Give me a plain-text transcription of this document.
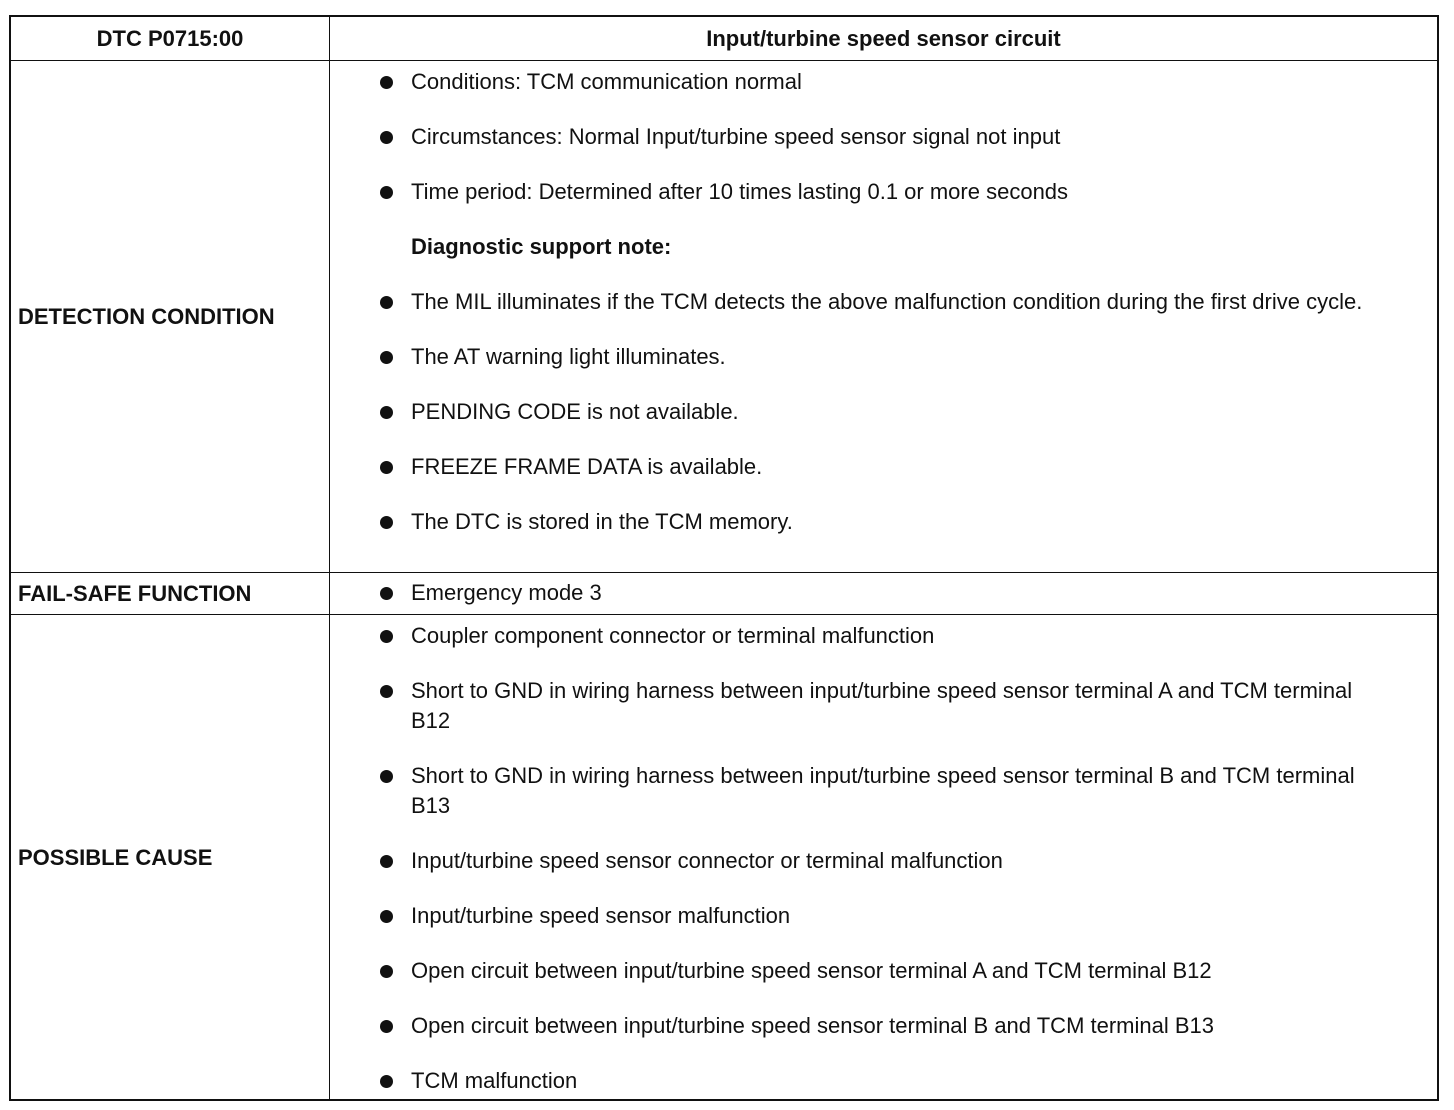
DTC P0715:00	Input/turbine speed sensor circuit
DETECTION CONDITION
Conditions: TCM communication normal
Circumstances: Normal Input/turbine speed sensor signal not input
Time period: Determined after 10 times lasting 0.1 or more seconds
Diagnostic support note:
The MIL illuminates if the TCM detects the above malfunction condition during the first drive cycle.
The AT warning light illuminates.
PENDING CODE is not available.
FREEZE FRAME DATA is available.
The DTC is stored in the TCM memory.
FAIL-SAFE FUNCTION	Emergency mode 3
POSSIBLE CAUSE
Coupler component connector or terminal malfunction
Short to GND in wiring harness between input/turbine speed sensor terminal A and TCM terminal B12
Short to GND in wiring harness between input/turbine speed sensor terminal B and TCM terminal B13
Input/turbine speed sensor connector or terminal malfunction
Input/turbine speed sensor malfunction
Open circuit between input/turbine speed sensor terminal A and TCM terminal B12
Open circuit between input/turbine speed sensor terminal B and TCM terminal B13
TCM malfunction
